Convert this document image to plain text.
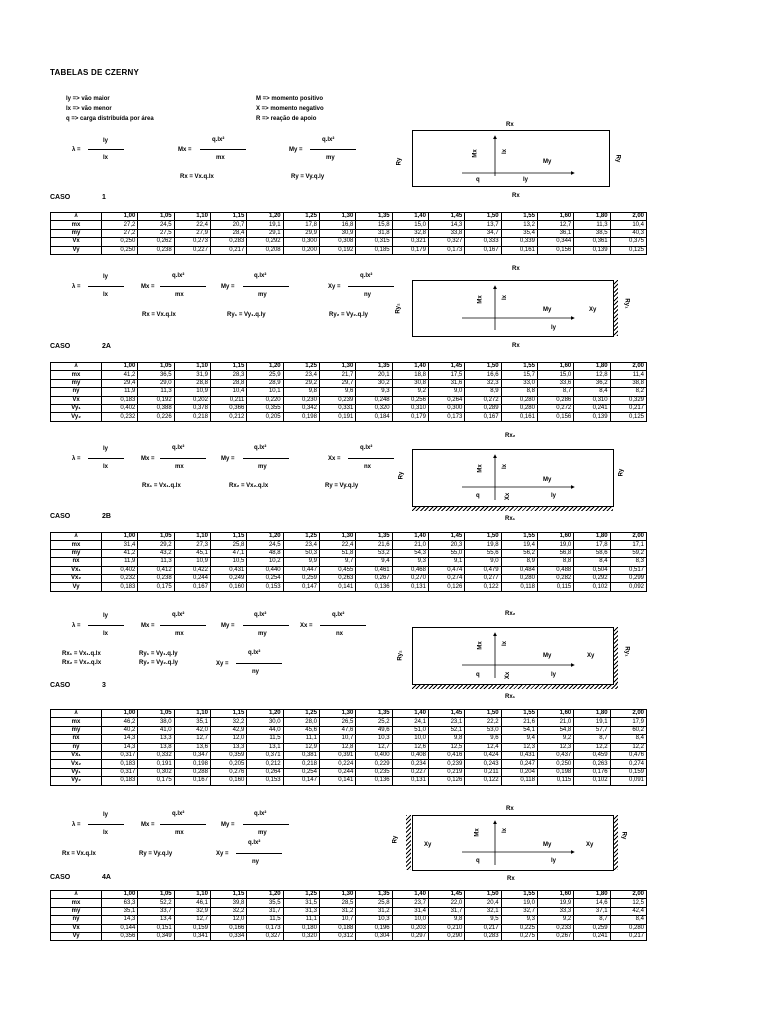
TABELAS DE CZERNY
ly => vão maior
lx => vão menor
q => carga distribuída por área
M => momento positivo
X => momento negativo
R => reação de apoio
λ =
ly
lx
Mx =
q.lx²
mx
My =
q.lx²
my
Rx = Vx.q.lx	Ry = Vy.q.ly
Rx
Ry	Ry
Mx	lx
My
q	ly
Rx
CASO	1
λ	1,00	1,05	1,10	1,15	1,20	1,25	1,30	1,35	1,40	1,45	1,50	1,55	1,60	1,80	2,00
mx	27,2	24,5	22,4	20,7	19,1	17,8	16,8	15,8	15,0	14,3	13,7	13,2	12,7	11,3	10,4
my	27,2	27,5	27,9	28,4	29,1	29,9	30,9	31,8	32,8	33,8	34,7	35,4	36,1	38,5	40,3
Vx	0,250	0,262	0,273	0,283	0,292	0,300	0,308	0,315	0,321	0,327	0,333	0,339	0,344	0,361	0,375
Vy	0,250	0,238	0,227	0,217	0,208	0,200	0,192	0,185	0,179	0,173	0,167	0,161	0,156	0,139	0,125
λ =
ly
lx
Mx =
q.lx²
mx
My =
q.lx²
my
Xy =
q.lx²
ny
Rx = Vx.q.lx	Ry₁ = Vy₁.q.ly	Ry₂ = Vy₂.q.ly
Rx
Ry₂	Ry₁
Mx	lx
My	Xy
ly
Rx
CASO	2A
λ	1,00	1,05	1,10	1,15	1,20	1,25	1,30	1,35	1,40	1,45	1,50	1,55	1,60	1,80	2,00
mx	41,2	36,5	31,9	28,3	25,9	23,4	21,7	20,1	18,8	17,5	16,6	15,7	15,0	12,8	11,4
my	29,4	29,0	28,8	28,8	28,9	29,2	29,7	30,2	30,8	31,6	32,3	33,0	33,6	36,2	38,8
ny	11,9	11,3	10,9	10,4	10,1	9,8	9,6	9,3	9,2	9,0	8,9	8,8	8,7	8,4	8,2
Vx	0,183	0,192	0,202	0,211	0,220	0,230	0,239	0,248	0,256	0,264	0,272	0,280	0,286	0,310	0,329
Vy₁	0,402	0,388	0,378	0,366	0,355	0,342	0,331	0,320	0,310	0,300	0,289	0,280	0,272	0,241	0,217
Vy₂	0,232	0,226	0,218	0,212	0,205	0,198	0,191	0,184	0,179	0,173	0,167	0,161	0,156	0,139	0,125
λ =
ly
lx
Mx =
q.lx²
mx
My =
q.lx²
my
Xx =
q.lx²
nx
Rx₁ = Vx₁.q.lx	Rx₂ = Vx₂.q.lx	Ry = Vy.q.ly
Rx₂
Ry	Ry
Mx	lx
My
q	Xx	ly
Rx₁
CASO	2B
λ	1,00	1,05	1,10	1,15	1,20	1,25	1,30	1,35	1,40	1,45	1,50	1,55	1,60	1,80	2,00
mx	31,4	29,2	27,3	25,8	24,5	23,4	22,4	21,6	21,0	20,3	19,8	19,4	19,0	17,8	17,1
my	41,2	43,2	45,1	47,1	48,8	50,3	51,8	53,2	54,3	55,0	55,6	56,2	56,8	58,6	59,2
nx	11,9	11,3	10,9	10,5	10,2	9,9	9,7	9,4	9,3	9,1	9,0	8,9	8,8	8,4	8,3
Vx₁	0,402	0,412	0,422	0,431	0,440	0,447	0,455	0,461	0,468	0,474	0,479	0,484	0,488	0,504	0,517
Vx₂	0,232	0,238	0,244	0,249	0,254	0,259	0,263	0,267	0,270	0,274	0,277	0,280	0,282	0,292	0,299
Vy	0,183	0,175	0,167	0,160	0,153	0,147	0,141	0,136	0,131	0,126	0,122	0,118	0,115	0,102	0,092
λ =
ly
lx
Mx =
q.lx²
mx
My =
q.lx²
my
Xx =
q.lx²
nx
Rx₁ = Vx₁.q.lx
Rx₂ = Vx₂.q.lx
Ry₁ = Vy₁.q.ly
Ry₂ = Vy₂.q.ly	Xy =
q.lx²
ny
Rx₂
Ry₂	Ry₁
Mx	lx
My	Xy
q	Xx	ly
Rx₁
CASO	3
λ	1,00	1,05	1,10	1,15	1,20	1,25	1,30	1,35	1,40	1,45	1,50	1,55	1,60	1,80	2,00
mx	46,2	38,0	35,1	32,2	30,0	28,0	26,5	25,2	24,1	23,1	22,2	21,6	21,0	19,1	17,9
my	40,2	41,0	42,0	42,9	44,0	45,6	47,6	49,6	51,0	52,1	53,0	54,1	54,8	57,7	60,2
nx	14,3	13,3	12,7	12,0	11,5	11,1	10,7	10,3	10,0	9,8	9,6	9,4	9,2	8,7	8,4
ny	14,3	13,8	13,6	13,3	13,1	12,9	12,8	12,7	12,6	12,5	12,4	12,3	12,3	12,2	12,2
Vx₁	0,317	0,332	0,347	0,359	0,371	0,381	0,391	0,400	0,408	0,416	0,424	0,431	0,437	0,459	0,476
Vx₂	0,183	0,191	0,198	0,205	0,212	0,218	0,224	0,229	0,234	0,239	0,243	0,247	0,250	0,263	0,274
Vy₁	0,317	0,302	0,288	0,276	0,264	0,254	0,244	0,235	0,227	0,219	0,211	0,204	0,198	0,176	0,159
Vy₂	0,183	0,175	0,167	0,160	0,153	0,147	0,141	0,136	0,131	0,126	0,122	0,118	0,115	0,102	0,091
λ =
ly
lx
Mx =
q.lx²
mx
My =
q.lx²
my
Rx = Vx.q.lx	Ry = Vy.q.ly	Xy =
q.lx²
ny
Rx
Ry
Ry
Xy
Mx	lx
My	Xy
q	ly
Rx
CASO	4A
λ	1,00	1,05	1,10	1,15	1,20	1,25	1,30	1,35	1,40	1,45	1,50	1,55	1,60	1,80	2,00
mx	63,3	52,2	46,1	39,8	35,5	31,5	28,5	25,8	23,7	22,0	20,4	19,0	19,9	14,6	12,5
my	35,1	33,7	32,9	32,2	31,7	31,3	31,2	31,2	31,4	31,7	32,1	32,7	33,3	37,1	42,4
ny	14,3	13,4	12,7	12,0	11,5	11,1	10,7	10,3	10,0	9,8	9,5	9,3	9,2	8,7	8,4
Vx	0,144	0,151	0,159	0,166	0,173	0,180	0,188	0,196	0,203	0,210	0,217	0,225	0,233	0,259	0,280
Vy	0,356	0,349	0,341	0,334	0,327	0,320	0,312	0,304	0,297	0,290	0,283	0,275	0,267	0,241	0,217
